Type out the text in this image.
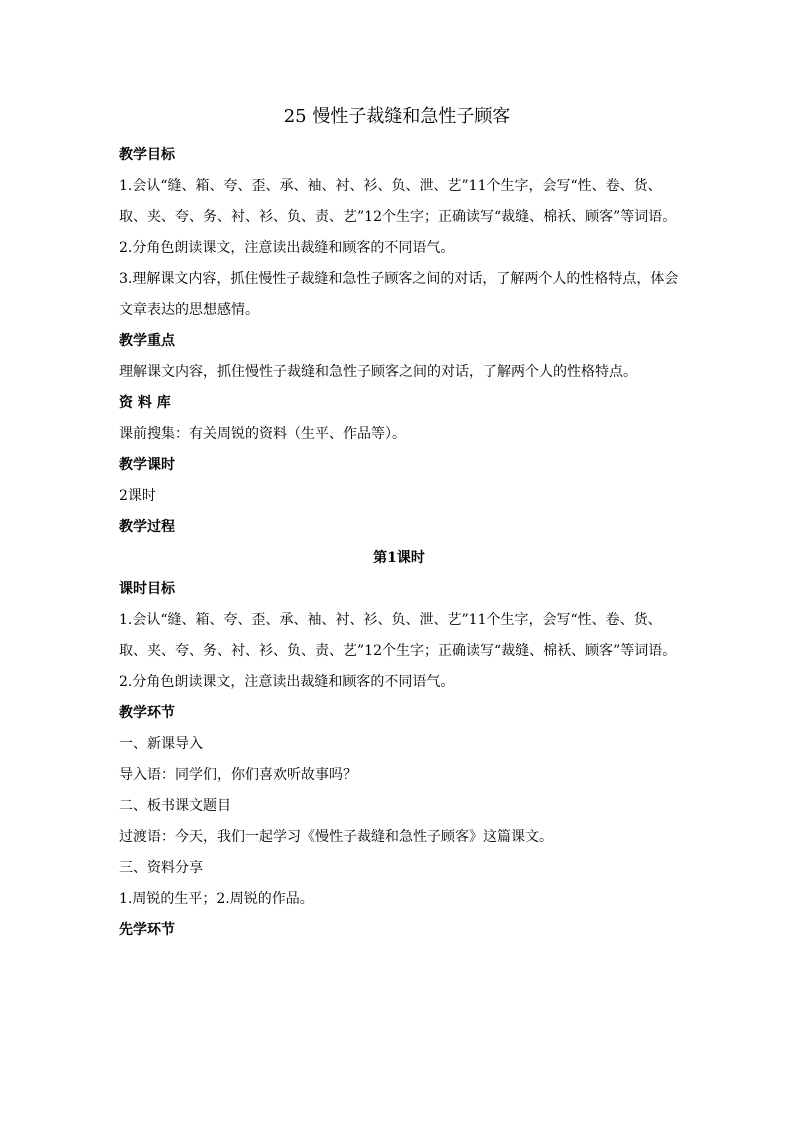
25 慢性子裁缝和急性子顾客

教学目标

1.会认“缝、箱、夸、歪、承、袖、衬、衫、负、泄、艺”11个生字，会写“性、卷、货、取、夹、夸、务、衬、衫、负、责、艺”12个生字；正确读写“裁缝、棉袄、顾客”等词语。

2.分角色朗读课文，注意读出裁缝和顾客的不同语气。

3.理解课文内容，抓住慢性子裁缝和急性子顾客之间的对话，了解两个人的性格特点，体会文章表达的思想感情。

教学重点

理解课文内容，抓住慢性子裁缝和急性子顾客之间的对话，了解两个人的性格特点。

资 料 库

课前搜集：有关周锐的资料（生平、作品等）。

教学课时

2课时

教学过程

第1课时

课时目标

1.会认“缝、箱、夸、歪、承、袖、衬、衫、负、泄、艺”11个生字，会写“性、卷、货、取、夹、夸、务、衬、衫、负、责、艺”12个生字；正确读写“裁缝、棉袄、顾客”等词语。

2.分角色朗读课文，注意读出裁缝和顾客的不同语气。

教学环节

一、新课导入

导入语：同学们，你们喜欢听故事吗？

二、板书课文题目

过渡语：今天，我们一起学习《慢性子裁缝和急性子顾客》这篇课文。

三、资料分享

1.周锐的生平；2.周锐的作品。

先学环节
